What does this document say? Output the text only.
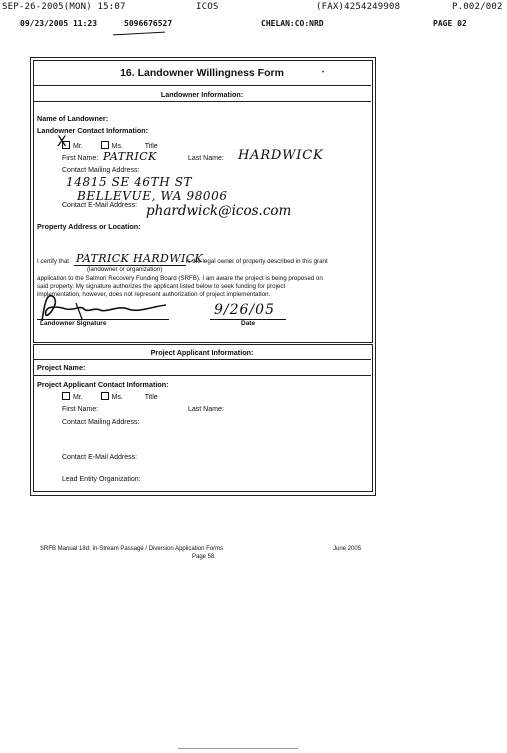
SEP-26-2005(MON) 15:07	ICOS	(FAX)4254249908	P.002/002
09/23/2005 11:23	5096676527	CHELAN:CO:NRD	PAGE 02
16. Landowner Willingness Form	•
Landowner Information:
Name of Landowner:
Landowner Contact Information:
Mr.	Ms.	Title
X
First Name: PATRICK	Last Name: HARDWICK
Contact Mailing Address:
14815 SE 46TH ST
BELLEVUE, WA 98006
Contact E-Mail Address: phardwick@icos.com
Property Address or Location:
I certify that PATRICK HARDWICK
is the legal owner of property described in this grant
(landowner or organization)
application to the Salmon Recovery Funding Board (SRFB). I am aware the project is being proposed on
said property. My signature authorizes the applicant listed below to seek funding for project
implementation, however, does not represent authorization of project implementation.
Landowner Signature
9/26/05
Date
Project Applicant Information:
Project Name:
Project Applicant Contact Information:
Mr.	Ms.	Title
First Name:	Last Name:
Contact Mailing Address:
Contact E-Mail Address:
Lead Entity Organization:
SRFB Manual 18d: In-Stream Passage / Diversion Application Forms
Page 58
June 2005
